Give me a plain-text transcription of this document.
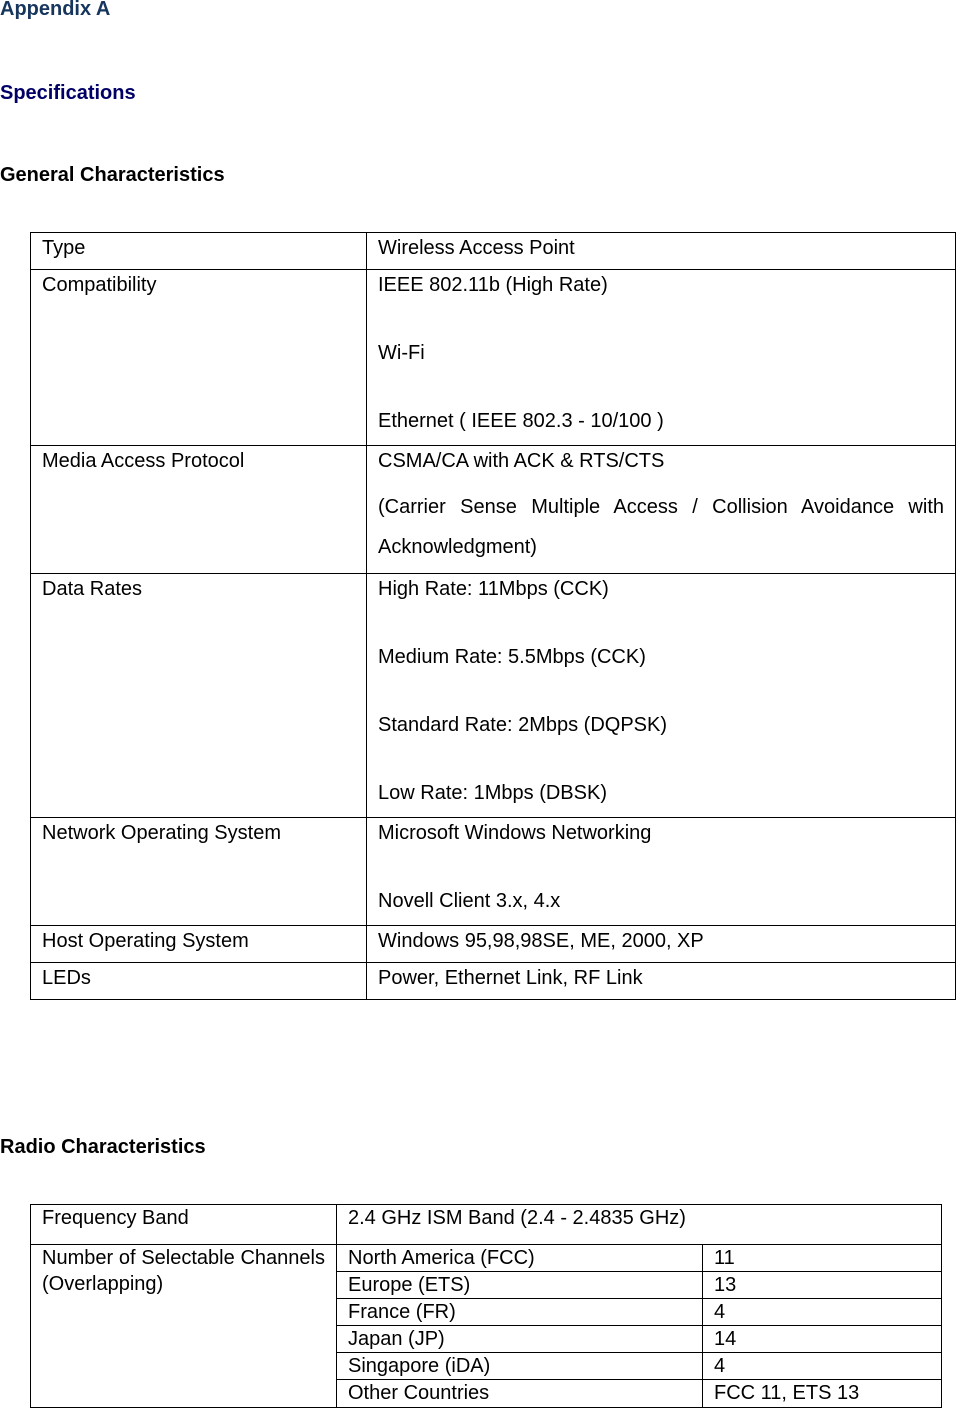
Appendix A
Specifications
General Characteristics
Type	Wireless Access Point
Compatibility	IEEE 802.11b (High Rate)
Wi-Fi
Ethernet ( IEEE 802.3 - 10/100 )

Media Access Protocol	CSMA/CA with ACK & RTS/CTS
(Carrier Sense Multiple Access / Collision Avoidance with Acknowledgment)

Data Rates	High Rate: 11Mbps (CCK)
Medium Rate: 5.5Mbps (CCK)
Standard Rate: 2Mbps (DQPSK)
Low Rate: 1Mbps (DBSK)

Network Operating System	Microsoft Windows Networking
Novell Client 3.x, 4.x

Host Operating System	Windows 95,98,98SE, ME, 2000, XP
LEDs	Power, Ethernet Link, RF Link
Radio Characteristics
Frequency Band	2.4 GHz ISM Band (2.4 - 2.4835 GHz)
Number of Selectable Channels (Overlapping)	
North America (FCC)	11
Europe (ETS)	13
France (FR)	4
Japan (JP)	14
Singapore (iDA)	4
Other Countries	FCC 11, ETS 13
